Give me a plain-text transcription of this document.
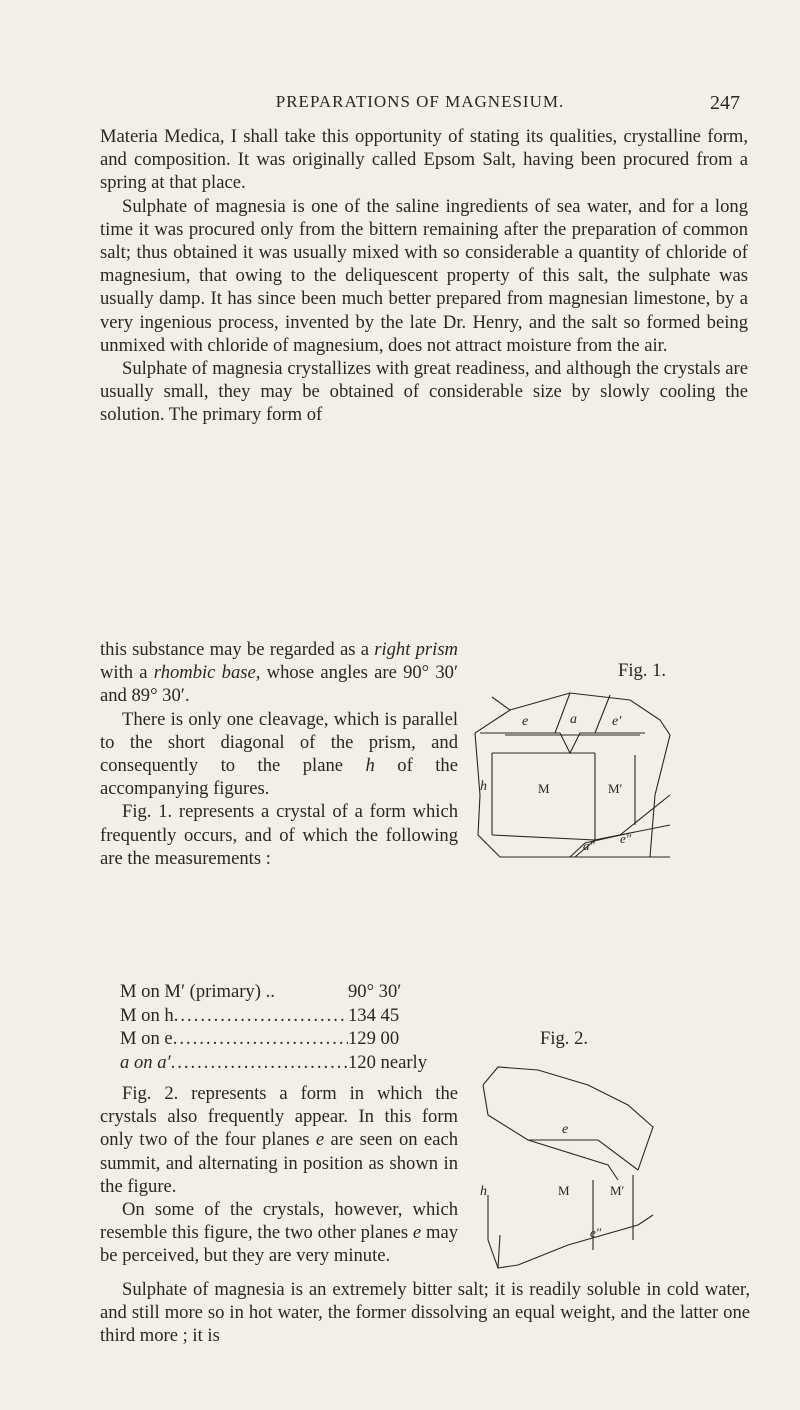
PREPARATIONS OF MAGNESIUM.	247

Materia Medica, I shall take this opportunity of stating its qualities, crystalline form, and composition. It was originally called Epsom Salt, having been procured from a spring at that place.

Sulphate of magnesia is one of the saline ingredients of sea water, and for a long time it was procured only from the bittern remaining after the preparation of common salt; thus obtained it was usually mixed with so considerable a quantity of chloride of magnesium, that owing to the deliquescent property of this salt, the sulphate was usually damp. It has since been much better prepared from magnesian limestone, by a very ingenious process, invented by the late Dr. Henry, and the salt so formed being unmixed with chloride of magnesium, does not attract moisture from the air.

Sulphate of magnesia crystallizes with great readiness, and although the crystals are usually small, they may be obtained of considerable size by slowly cooling the solution. The primary form of

this substance may be regarded as a right prism with a rhombic base, whose angles are 90° 30′ and 89° 30′.

There is only one cleavage, which is parallel to the short diagonal of the prism, and consequently to the plane h of the accompanying figures.

Fig. 1. represents a crystal of a form which frequently occurs, and of which the following are the measurements :

M on M′ (primary) ..	90° 30′
M on h .....	134 45
M on e .....	129 00
a on a′ .....	120 nearly

Fig. 2. represents a form in which the crystals also frequently appear. In this form only two of the four planes e are seen on each summit, and alternating in position as shown in the figure.

On some of the crystals, however, which resemble this figure, the two other planes e may be perceived, but they are very minute.

Fig. 1.
e	a	e′
h	M	M′
a″ e″
Fig. 2.
e
h	M	M′
e″

Sulphate of magnesia is an extremely bitter salt; it is readily soluble in cold water, and still more so in hot water, the former dissolving an equal weight, and the latter one third more ; it is
